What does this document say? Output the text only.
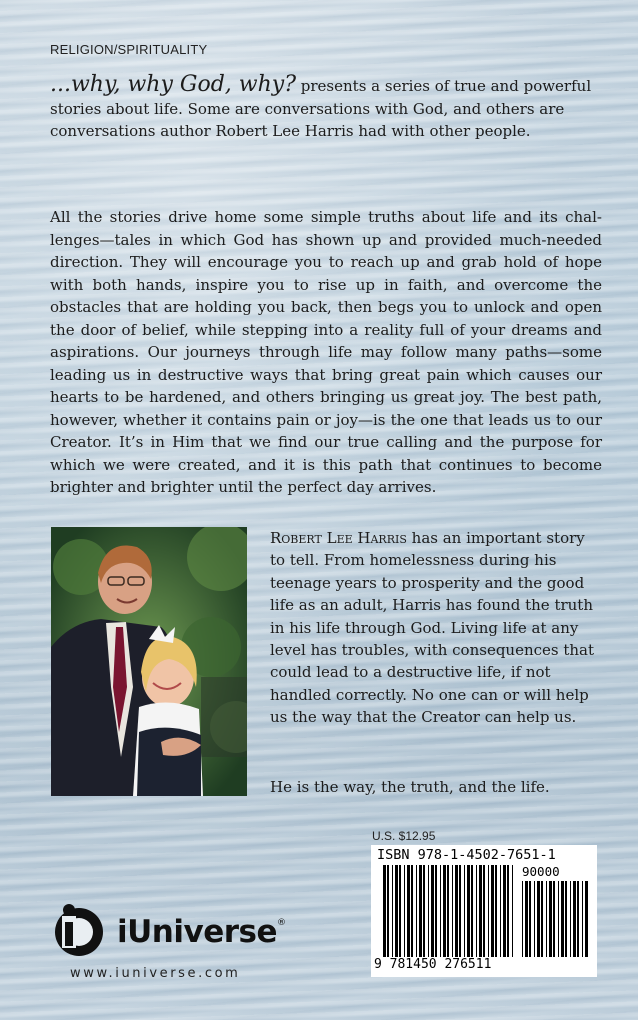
RELIGION/SPIRITUALITY

...why, why God, why? presents a series of true and powerful stories about life. Some are conversations with God, and others are conversations author Robert Lee Harris had with other people.

All the stories drive home some simple truths about life and its challenges—tales in which God has shown up and provided much-needed direction. They will encourage you to reach up and grab hold of hope with both hands, inspire you to rise up in faith, and overcome the obstacles that are holding you back, then begs you to unlock and open the door of belief, while stepping into a reality full of your dreams and aspirations. Our journeys through life may follow many paths—some leading us in destructive ways that bring great pain which causes our hearts to be hardened, and others bringing us great joy. The best path, however, whether it contains pain or joy—is the one that leads us to our Creator. It’s in Him that we find our true calling and the purpose for which we were created, and it is this path that continues to become brighter and brighter until the perfect day arrives.

Robert Lee Harris has an important story to tell. From homelessness during his teenage years to prosperity and the good life as an adult, Harris has found the truth in his life through God. Living life at any level has troubles, with consequences that could lead to a destructive life, if not handled correctly. No one can or will help us the way that the Creator can help us.

He is the way, the truth, and the life.

U.S. $12.95
ISBN 978-1-4502-7651-1
90000
9 781450 276511
iUniverse®
www.iuniverse.com
